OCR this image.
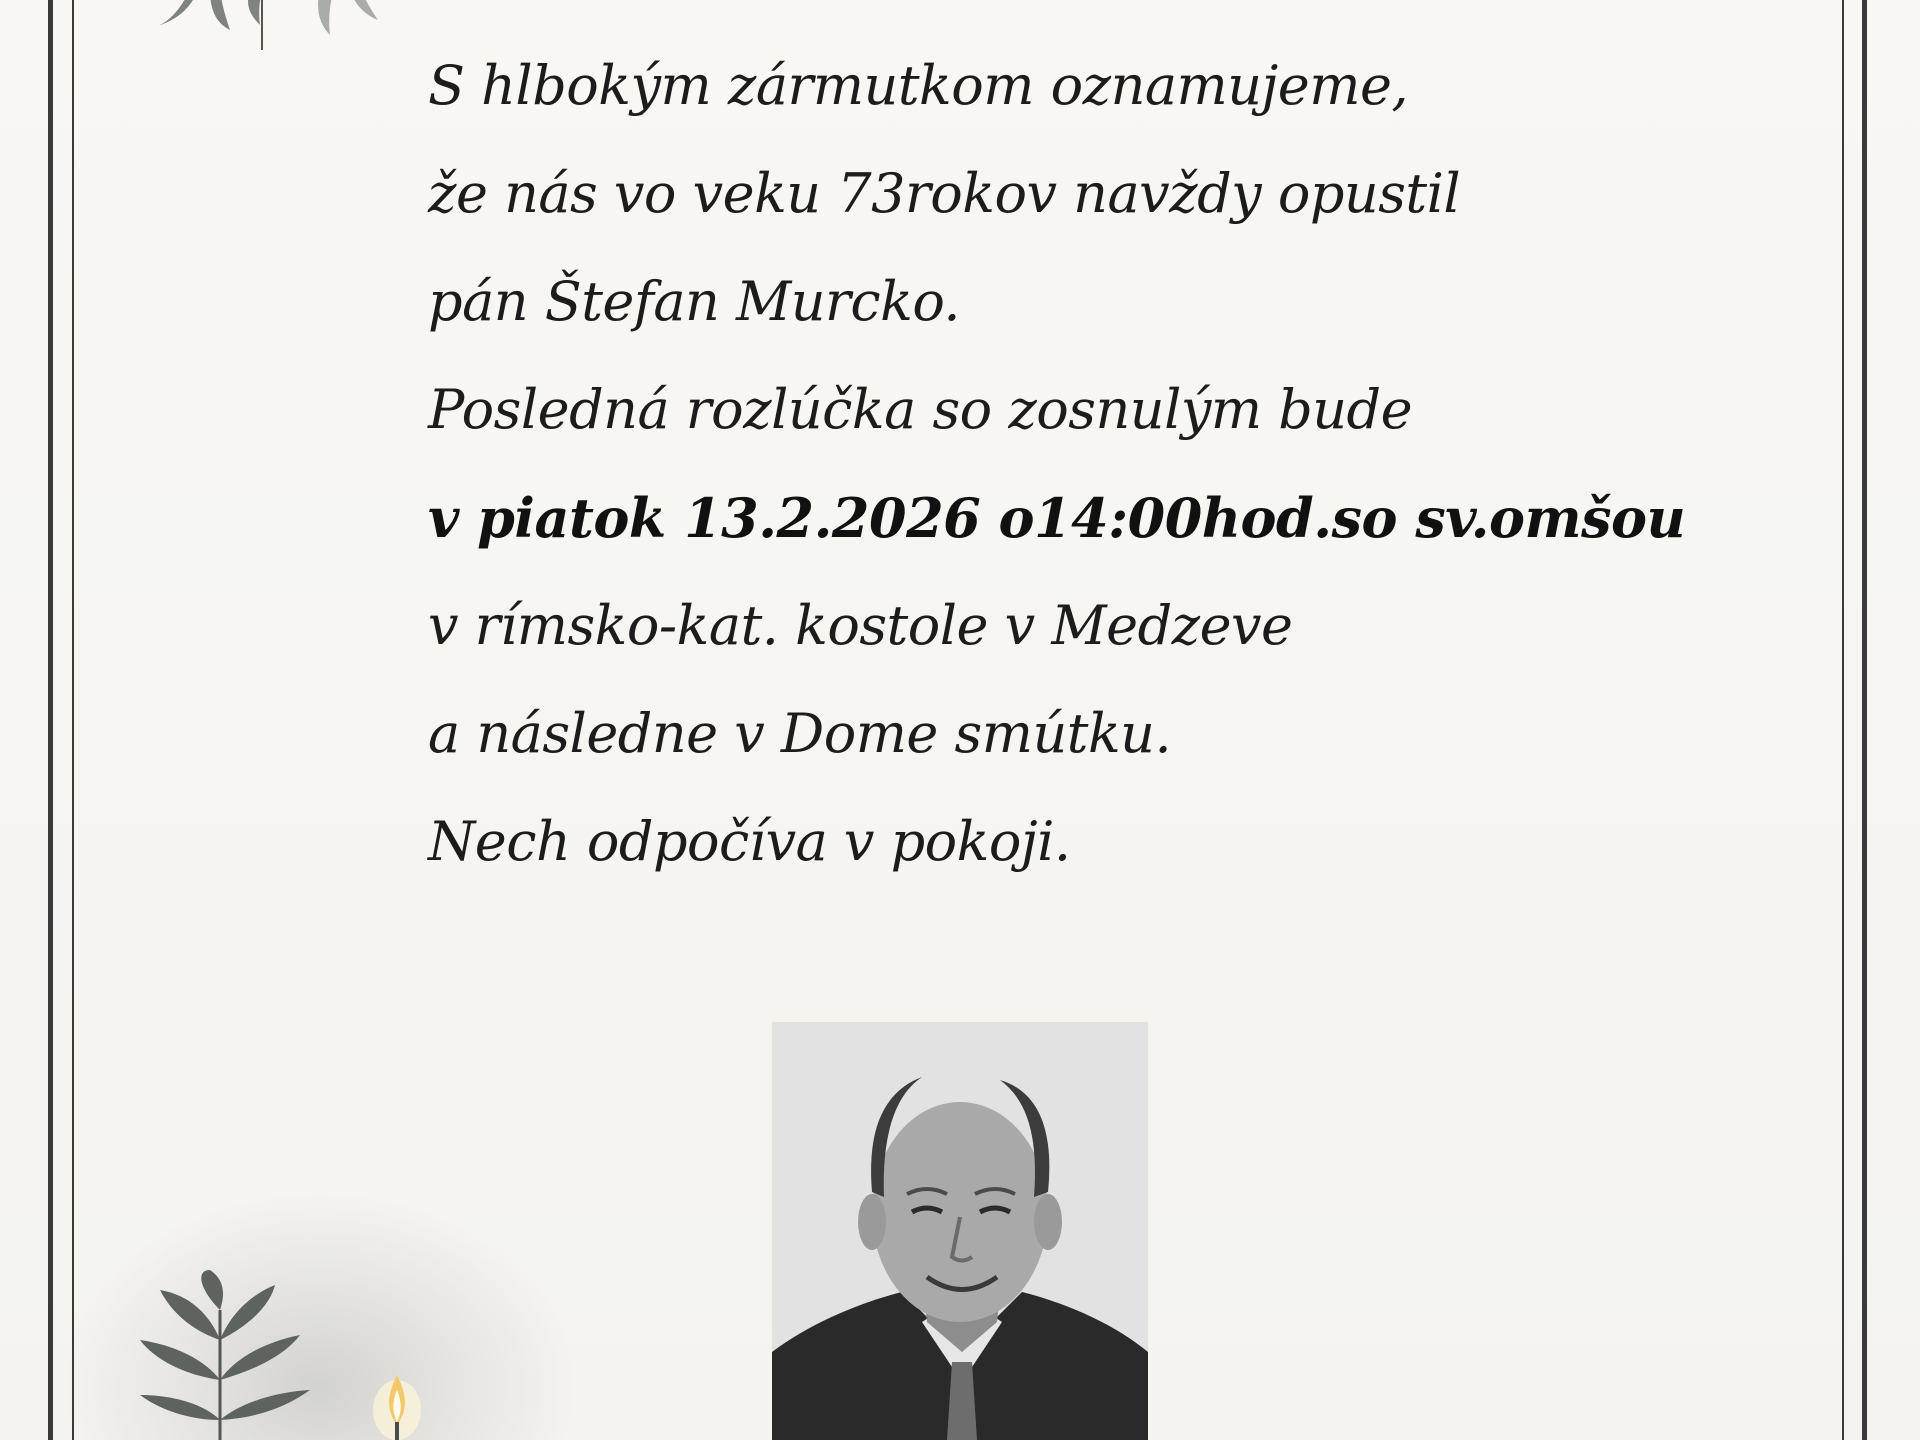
S hlbokým zármutkom oznamujeme,
že nás vo veku 73rokov navždy opustil
pán Štefan Murcko.
Posledná rozlúčka so zosnulým bude
v piatok 13.2.2026 o14:00hod.so sv.omšou
v rímsko-kat. kostole v Medzeve
a následne v Dome smútku.
Nech odpočíva v pokoji.
